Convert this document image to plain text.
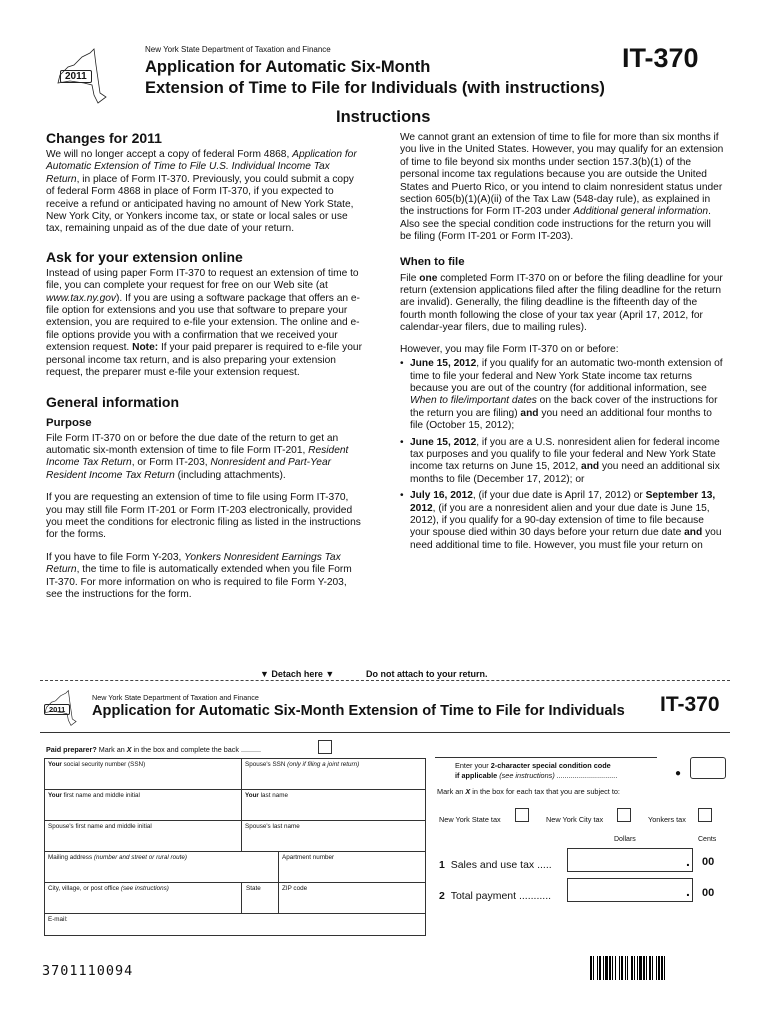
2011
New York State Department of Taxation and Finance
Application for Automatic Six-Month
Extension of Time to File for Individuals (with instructions)
IT-370
Instructions
Changes for 2011

We will no longer accept a copy of federal Form 4868, Application for Automatic Extension of Time to File U.S. Individual Income Tax Return, in place of Form IT-370. Previously, you could submit a copy of federal Form 4868 in place of Form IT-370, if you expected to receive a refund or anticipated having no amount of New York State, New York City, or Yonkers income tax, or state or local sales or use tax, remaining unpaid as of the due date of your return.

Ask for your extension online

Instead of using paper Form IT-370 to request an extension of time to file, you can complete your request for free on our Web site (at www.tax.ny.gov). If you are using a software package that offers an e-file option for extensions and you use that software to prepare your extension, you are required to e-file your extension. The online and e-file options provide you with a confirmation that we received your extension request. Note: If your paid preparer is required to e-file your personal income tax return, and is also preparing your extension request, the preparer must e-file your extension request.

General information
Purpose

File Form IT-370 on or before the due date of the return to get an automatic six-month extension of time to file Form IT-201, Resident Income Tax Return, or Form IT-203, Nonresident and Part-Year Resident Income Tax Return (including attachments).

If you are requesting an extension of time to file using Form IT-370, you may still file Form IT-201 or Form IT-203 electronically, provided you meet the conditions for electronic filing as listed in the instructions for the forms.

If you have to file Form Y-203, Yonkers Nonresident Earnings Tax Return, the time to file is automatically extended when you file Form IT-370. For more information on who is required to file Form Y-203, see the instructions for the form.

We cannot grant an extension of time to file for more than six months if you live in the United States. However, you may qualify for an extension of time to file beyond six months under section 157.3(b)(1) of the personal income tax regulations because you are outside the United States and Puerto Rico, or you intend to claim nonresident status under section 605(b)(1)(A)(ii) of the Tax Law (548-day rule), as explained in the instructions for Form IT-203 under Additional general information. Also see the special condition code instructions for the return you will be filing (Form IT-201 or Form IT-203).

When to file

File one completed Form IT-370 on or before the filing deadline for your return (extension applications filed after the filing deadline for the return are invalid). Generally, the filing deadline is the fifteenth day of the fourth month following the close of your tax year (April 17, 2012, for calendar-year filers, due to mailing rules).

However, you may file Form IT-370 on or before:

• June 15, 2012, if you qualify for an automatic two-month extension of time to file your federal and New York State income tax returns because you are out of the country (for additional information, see When to file/important dates on the back cover of the instructions for the return you are filing) and you need an additional four months to file (October 15, 2012);
• June 15, 2012, if you are a U.S. nonresident alien for federal income tax purposes and you qualify to file your federal and New York State income tax returns on June 15, 2012, and you need an additional six months to file (December 17, 2012); or
• July 16, 2012, (if your due date is April 17, 2012) or September 13, 2012, (if you are a nonresident alien and your due date is June 15, 2012), if you qualify for a 90-day extension of time to file because your spouse died within 30 days before your return due date and you need additional time to file. However, you must file your return on
▼ Detach here ▼	Do not attach to your return.
2011
New York State Department of Taxation and Finance
Application for Automatic Six-Month Extension of Time to File for Individuals IT-370
Paid preparer? Mark an X in the box and complete the back ..........
Your social security number (SSN)	Spouse's SSN (only if filing a joint return)	
Your first name and middle initial	Your last name	
Spouse's first name and middle initial	Spouse's last name	
Mailing address (number and street or rural route)		Apartment number
City, village, or post office (see instructions)	State	ZIP code
E-mail:		
Enter your 2-character special condition code
if applicable (see instructions) ..............................	●
Mark an X in the box for each tax that you are subject to:
New York State tax	New York City tax	Yonkers tax
Dollars	Cents
1 Sales and use tax .....	. 00
2 Total payment ...........	. 00
3701110094
